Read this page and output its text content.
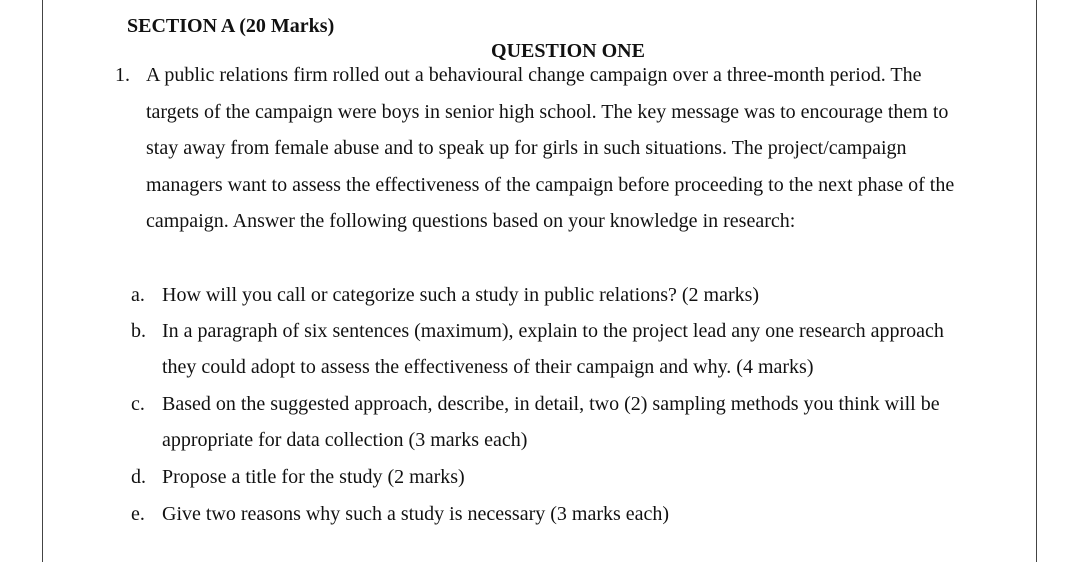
SECTION A (20 Marks)
QUESTION ONE
1. A public relations firm rolled out a behavioural change campaign over a three-month period. The
targets of the campaign were boys in senior high school. The key message was to encourage them to
stay away from female abuse and to speak up for girls in such situations. The project/campaign
managers want to assess the effectiveness of the campaign before proceeding to the next phase of the
campaign. Answer the following questions based on your knowledge in research:
a. How will you call or categorize such a study in public relations? (2 marks)
b. In a paragraph of six sentences (maximum), explain to the project lead any one research approach
they could adopt to assess the effectiveness of their campaign and why. (4 marks)
c. Based on the suggested approach, describe, in detail, two (2) sampling methods you think will be
appropriate for data collection (3 marks each)
d. Propose a title for the study (2 marks)
e. Give two reasons why such a study is necessary (3 marks each)
